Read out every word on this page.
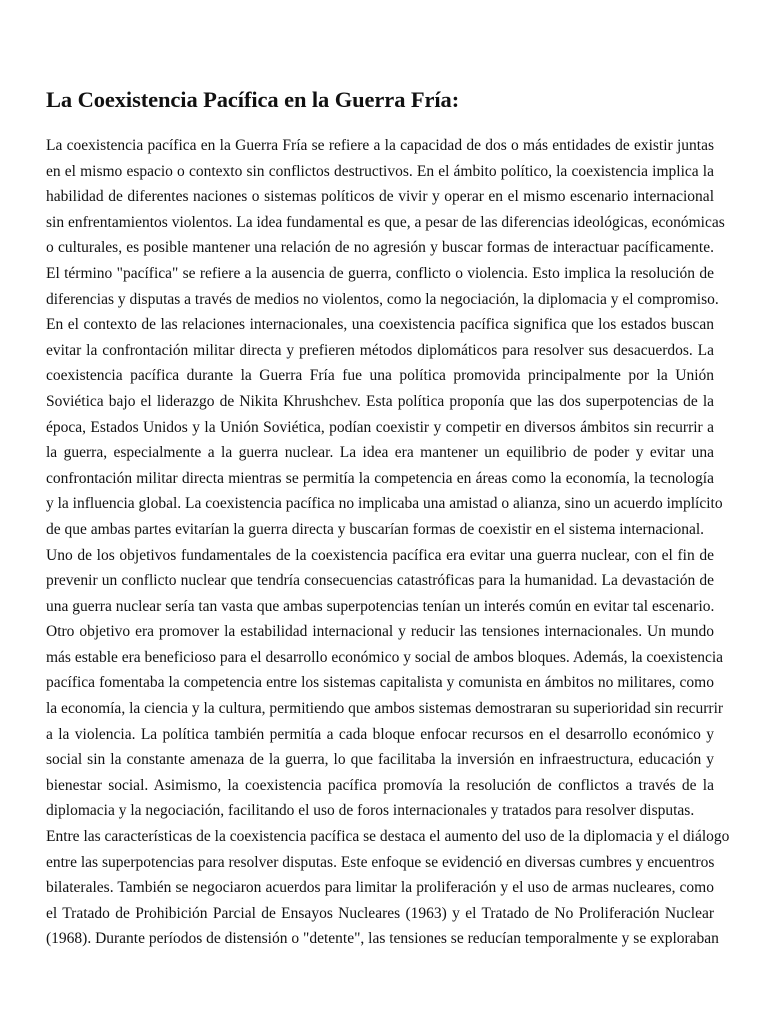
La Coexistencia Pacífica en la Guerra Fría:
La coexistencia pacífica en la Guerra Fría se refiere a la capacidad de dos o más entidades de existir juntas
en el mismo espacio o contexto sin conflictos destructivos. En el ámbito político, la coexistencia implica la
habilidad de diferentes naciones o sistemas políticos de vivir y operar en el mismo escenario internacional
sin enfrentamientos violentos. La idea fundamental es que, a pesar de las diferencias ideológicas, económicas
o culturales, es posible mantener una relación de no agresión y buscar formas de interactuar pacíficamente.
El término "pacífica" se refiere a la ausencia de guerra, conflicto o violencia. Esto implica la resolución de
diferencias y disputas a través de medios no violentos, como la negociación, la diplomacia y el compromiso.
En el contexto de las relaciones internacionales, una coexistencia pacífica significa que los estados buscan
evitar la confrontación militar directa y prefieren métodos diplomáticos para resolver sus desacuerdos. La
coexistencia pacífica durante la Guerra Fría fue una política promovida principalmente por la Unión
Soviética bajo el liderazgo de Nikita Khrushchev. Esta política proponía que las dos superpotencias de la
época, Estados Unidos y la Unión Soviética, podían coexistir y competir en diversos ámbitos sin recurrir a
la guerra, especialmente a la guerra nuclear. La idea era mantener un equilibrio de poder y evitar una
confrontación militar directa mientras se permitía la competencia en áreas como la economía, la tecnología
y la influencia global. La coexistencia pacífica no implicaba una amistad o alianza, sino un acuerdo implícito
de que ambas partes evitarían la guerra directa y buscarían formas de coexistir en el sistema internacional.
Uno de los objetivos fundamentales de la coexistencia pacífica era evitar una guerra nuclear, con el fin de
prevenir un conflicto nuclear que tendría consecuencias catastróficas para la humanidad. La devastación de
una guerra nuclear sería tan vasta que ambas superpotencias tenían un interés común en evitar tal escenario.
Otro objetivo era promover la estabilidad internacional y reducir las tensiones internacionales. Un mundo
más estable era beneficioso para el desarrollo económico y social de ambos bloques. Además, la coexistencia
pacífica fomentaba la competencia entre los sistemas capitalista y comunista en ámbitos no militares, como
la economía, la ciencia y la cultura, permitiendo que ambos sistemas demostraran su superioridad sin recurrir
a la violencia. La política también permitía a cada bloque enfocar recursos en el desarrollo económico y
social sin la constante amenaza de la guerra, lo que facilitaba la inversión en infraestructura, educación y
bienestar social. Asimismo, la coexistencia pacífica promovía la resolución de conflictos a través de la
diplomacia y la negociación, facilitando el uso de foros internacionales y tratados para resolver disputas.
Entre las características de la coexistencia pacífica se destaca el aumento del uso de la diplomacia y el diálogo
entre las superpotencias para resolver disputas. Este enfoque se evidenció en diversas cumbres y encuentros
bilaterales. También se negociaron acuerdos para limitar la proliferación y el uso de armas nucleares, como
el Tratado de Prohibición Parcial de Ensayos Nucleares (1963) y el Tratado de No Proliferación Nuclear
(1968). Durante períodos de distensión o "detente", las tensiones se reducían temporalmente y se exploraban
